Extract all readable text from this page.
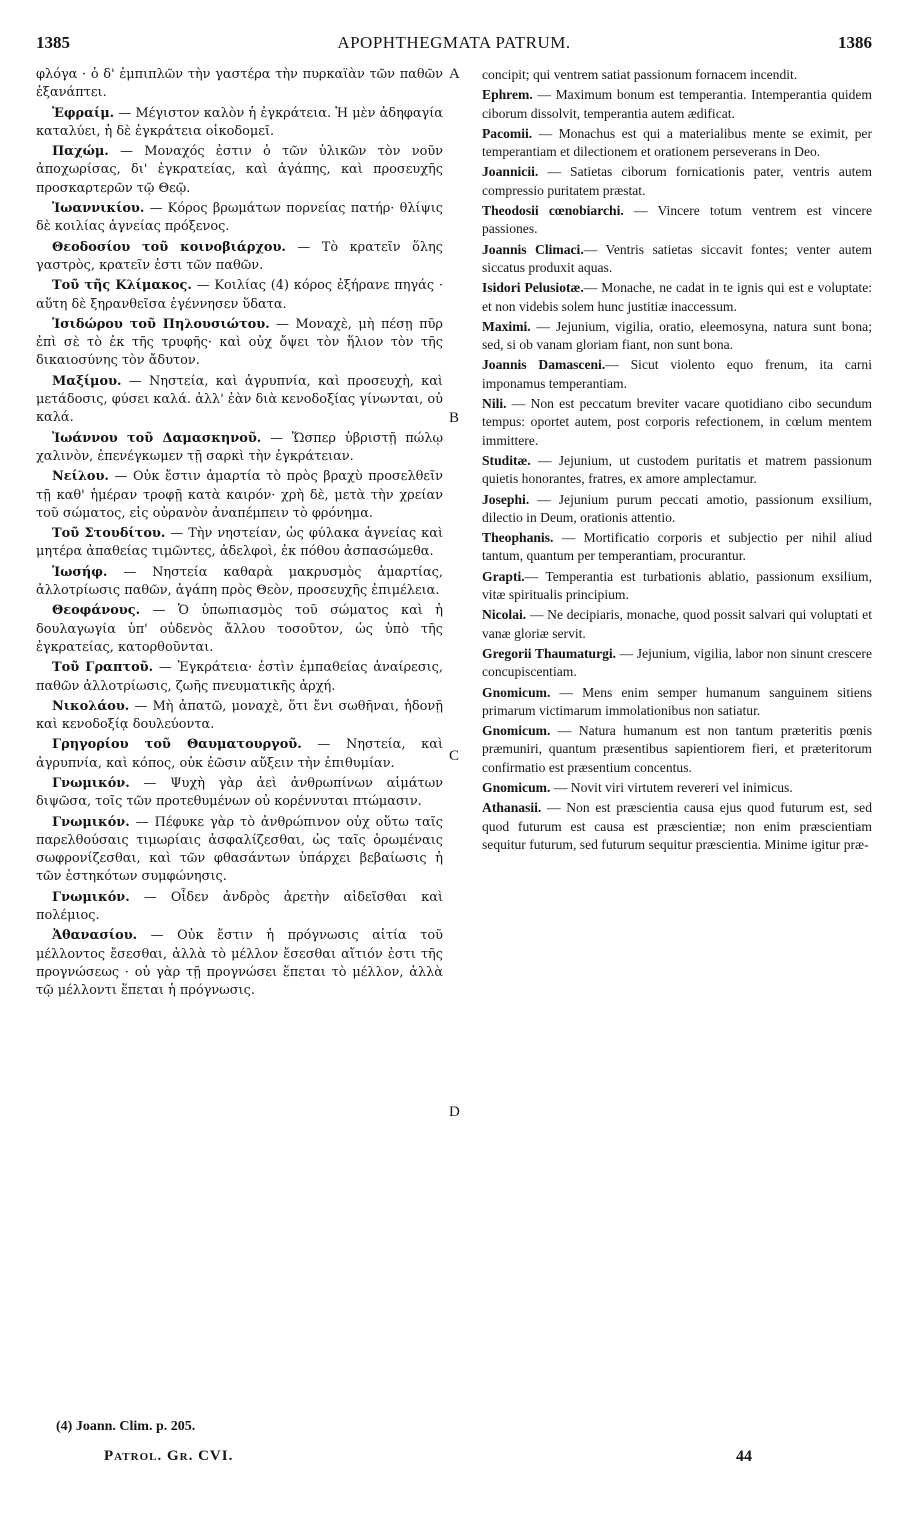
1385	ΑΡΟΡΗΤΗΕGΜΑΤΑ PATRUM.	1386

φλόγα · ὁ δ' ἐμπιπλῶν τὴν γαστέρα τὴν πυρκαϊὰν τῶν παθῶν ἐξανάπτει.

Ἐφραίμ. — Μέγιστον καλὸν ἡ ἐγκράτεια. Ἡ μὲν ἀδηφαγία καταλύει, ἡ δὲ ἐγκράτεια οἰκοδομεῖ.

Παχώμ. — Μοναχός ἐστιν ὁ τῶν ὑλικῶν τὸν νοῦν ἀποχωρίσας, δι' ἐγκρατείας, καὶ ἀγάπης, καὶ προσευχῆς προσκαρτερῶν τῷ Θεῷ.

Ἰωαννικίου. — Κόρος βρωμάτων πορνείας πατήρ· θλίψις δὲ κοιλίας ἁγνείας πρόξενος.

Θεοδοσίου τοῦ κοινοβιάρχου. — Τὸ κρατεῖν ὅλης γαστρὸς, κρατεῖν ἐστι τῶν παθῶν.

Τοῦ τῆς Κλίμακος. — Κοιλίας (4) κόρος ἐξήρανε πηγάς · αὕτη δὲ ξηρανθεῖσα ἐγέννησεν ὕδατα.

Ἰσιδώρου τοῦ Πηλουσιώτου. — Μοναχὲ, μὴ πέσῃ πῦρ ἐπὶ σὲ τὸ ἐκ τῆς τρυφῆς· καὶ οὐχ ὄψει τὸν ἥλιον τὸν τῆς δικαιοσύνης τὸν ἄδυτον.

Μαξίμου. — Νηστεία, καὶ ἀγρυπνία, καὶ προσευχὴ, καὶ μετάδοσις, φύσει καλά. ἀλλ' ἐὰν διὰ κενοδοξίας γίνωνται, οὐ καλά.

Ἰωάννου τοῦ Δαμασκηνοῦ. — Ὥσπερ ὑβριστῇ πώλῳ χαλινὸν, ἐπενέγκωμεν τῇ σαρκὶ τὴν ἐγκράτειαν.

Νείλου. — Οὐκ ἔστιν ἁμαρτία τὸ πρὸς βραχὺ προσελθεῖν τῇ καθ' ἡμέραν τροφῇ κατὰ καιρόν· χρὴ δὲ, μετὰ τὴν χρείαν τοῦ σώματος, εἰς οὐρανὸν ἀναπέμπειν τὸ φρόνημα.

Τοῦ Στουδίτου. — Τὴν νηστείαν, ὡς φύλακα ἁγνείας καὶ μητέρα ἀπαθείας τιμῶντες, ἀδελφοὶ, ἐκ πόθου ἀσπασώμεθα.

Ἰωσήφ. — Νηστεία καθαρὰ μακρυσμὸς ἁμαρτίας, ἀλλοτρίωσις παθῶν, ἀγάπη πρὸς Θεὸν, προσευχῆς ἐπιμέλεια.

Θεοφάνους. — Ὁ ὑπωπιασμὸς τοῦ σώματος καὶ ἡ δουλαγωγία ὑπ' οὐδενὸς ἄλλου τοσοῦτον, ὡς ὑπὸ τῆς ἐγκρατείας, κατορθοῦνται.

Τοῦ Γραπτοῦ. — Ἐγκράτεια· ἐστὶν ἐμπαθείας ἀναίρεσις, παθῶν ἀλλοτρίωσις, ζωῆς πνευματικῆς ἀρχή.

Νικολάου. — Μὴ ἀπατῶ, μοναχὲ, ὅτι ἔνι σωθῆναι, ἡδονῇ καὶ κενοδοξίᾳ δουλεύοντα.

Γρηγορίου τοῦ Θαυματουργοῦ. — Νηστεία, καὶ ἀγρυπνία, καὶ κόπος, οὐκ ἐῶσιν αὔξειν τὴν ἐπιθυμίαν.

Γνωμικόν. — Ψυχὴ γὰρ ἀεὶ ἀνθρωπίνων αἱμάτων διψῶσα, τοῖς τῶν προτεθυμένων οὐ κορέννυται πτώμασιν.

Γνωμικόν. — Πέφυκε γὰρ τὸ ἀνθρώπινον οὐχ οὕτω ταῖς παρελθούσαις τιμωρίαις ἀσφαλίζεσθαι, ὡς ταῖς ὁρωμέναις σωφρονίζεσθαι, καὶ τῶν φθασάντων ὑπάρχει βεβαίωσις ἡ τῶν ἑστηκότων συμφώνησις.

Γνωμικόν. — Οἶδεν ἀνδρὸς ἀρετὴν αἰδεῖσθαι καὶ πολέμιος.

Ἀθανασίου. — Οὐκ ἔστιν ἡ πρόγνωσις αἰτία τοῦ μέλλοντος ἔσεσθαι, ἀλλὰ τὸ μέλλον ἔσεσθαι αἴτιόν ἐστι τῆς προγνώσεως · οὐ γὰρ τῇ προγνώσει ἕπεται τὸ μέλλον, ἀλλὰ τῷ μέλλοντι ἕπεται ἡ πρόγνωσις.

A
B
C
D

concipit; qui ventrem satiat passionum fornacem incendit.

Ephrem. — Maximum bonum est temperantia. Intemperantia quidem ciborum dissolvit, temperantia autem ædificat.

Pacomii. — Monachus est qui a materialibus mente se eximit, per temperantiam et dilectionem et orationem perseverans in Deo.

Joannicii. — Satietas ciborum fornicationis pater, ventris autem compressio puritatem præstat.

Theodosii cœnobiarchi. — Vincere totum ventrem est vincere passiones.

Joannis Climaci.— Ventris satietas siccavit fontes; venter autem siccatus produxit aquas.

Isidori Pelusiotæ.— Monache, ne cadat in te ignis qui est e voluptate: et non videbis solem hunc justitiæ inaccessum.

Maximi. — Jejunium, vigilia, oratio, eleemosyna, natura sunt bona; sed, si ob vanam gloriam fiant, non sunt bona.

Joannis Damasceni.— Sicut violento equo frenum, ita carni imponamus temperantiam.

Nili. — Non est peccatum breviter vacare quotidiano cibo secundum tempus: oportet autem, post corporis refectionem, in cœlum mentem immittere.

Studitæ. — Jejunium, ut custodem puritatis et matrem passionum quietis honorantes, fratres, ex amore amplectamur.

Josephi. — Jejunium purum peccati amotio, passionum exsilium, dilectio in Deum, orationis attentio.

Theophanis. — Mortificatio corporis et subjectio per nihil aliud tantum, quantum per temperantiam, procurantur.

Grapti.— Temperantia est turbationis ablatio, passionum exsilium, vitæ spiritualis principium.

Nicolai. — Ne decipiaris, monache, quod possit salvari qui voluptati et vanæ gloriæ servit.

Gregorii Thaumaturgi. — Jejunium, vigilia, labor non sinunt crescere concupiscentiam.

Gnomicum. — Mens enim semper humanum sanguinem sitiens primarum victimarum immolationibus non satiatur.

Gnomicum. — Natura humanum est non tantum præteritis pœnis præmuniri, quantum præsentibus sapientiorem fieri, et præteritorum confirmatio est præsentium concentus.

Gnomicum. — Novit viri virtutem revereri vel inimicus.

Athanasii. — Non est præscientia causa ejus quod futurum est, sed quod futurum est causa est præscientiæ; non enim præscientiam sequitur futurum, sed futurum sequitur præscientia. Minime igitur præ-

(4) Joann. Clim. p. 205.
Patrol. Gr. CVI.	44
